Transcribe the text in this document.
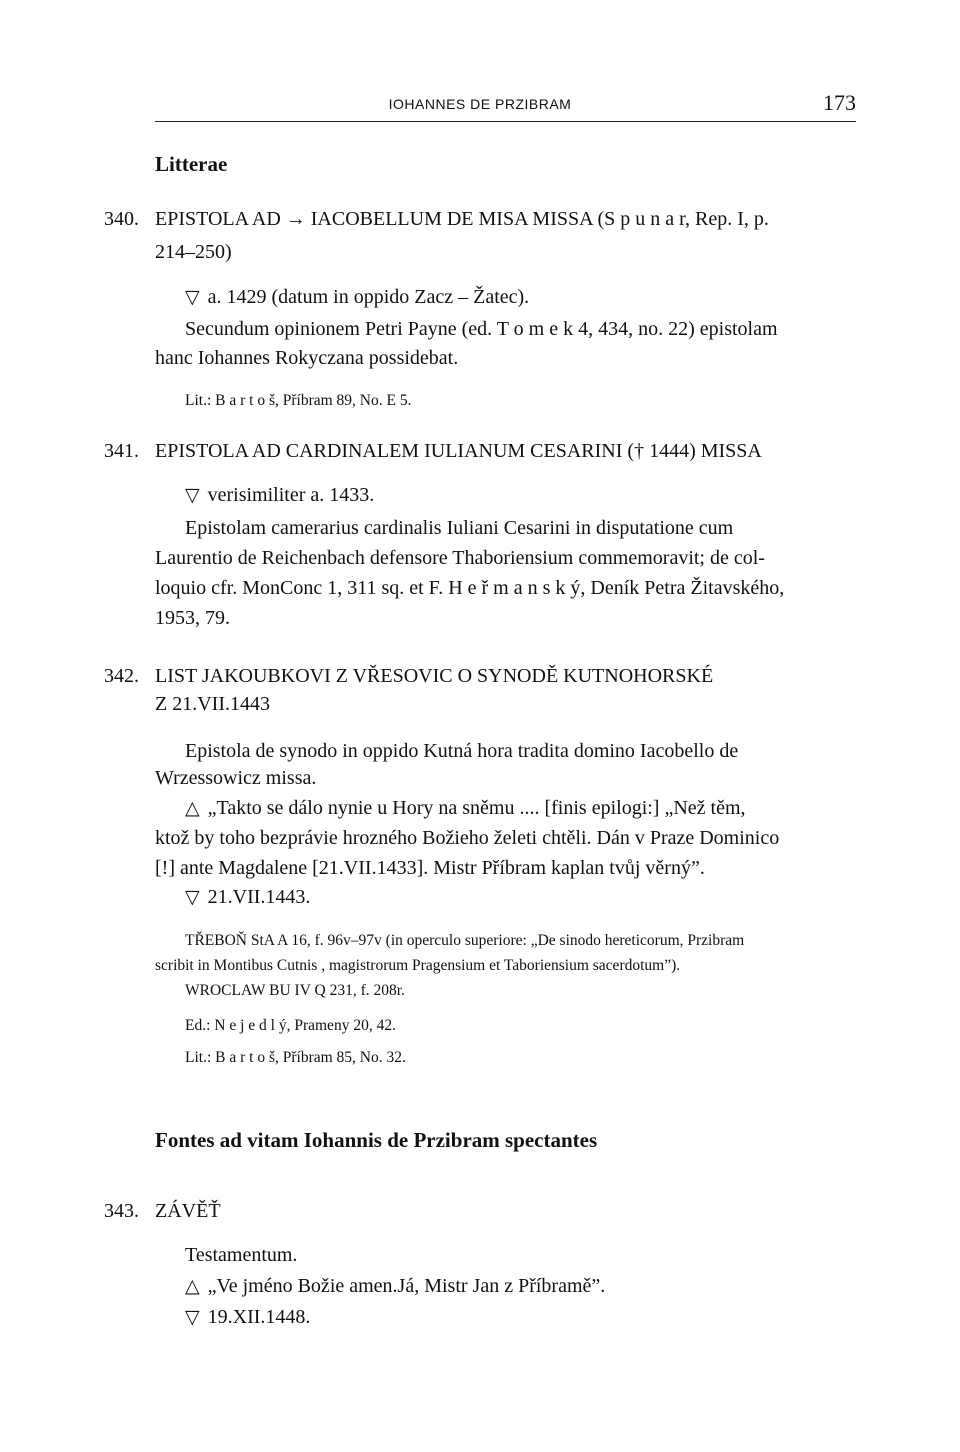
IOHANNES DE PRZIBRAM	173
Litterae
340. EPISTOLA AD → IACOBELLUM DE MISA MISSA (S p u n a r, Rep. I, p.
214–250)
▽ a. 1429 (datum in oppido Zacz – Žatec).
Secundum opinionem Petri Payne (ed. T o m e k 4, 434, no. 22) epistolam
hanc Iohannes Rokyczana possidebat.
Lit.: B a r t o š, Příbram 89, No. E 5.
341. EPISTOLA AD CARDINALEM IULIANUM CESARINI († 1444) MISSA
▽ verisimiliter a. 1433.
Epistolam camerarius cardinalis Iuliani Cesarini in disputatione cum
Laurentio de Reichenbach defensore Thaboriensium commemoravit; de col-
loquio cfr. MonConc 1, 311 sq. et F. H e ř m a n s k ý, Deník Petra Žitavského,
1953, 79.
342. LIST JAKOUBKOVI Z VŘESOVIC O SYNODĚ KUTNOHORSKÉ
Z 21.VII.1443
Epistola de synodo in oppido Kutná hora tradita domino Iacobello de
Wrzessowicz missa.
△ „Takto se dálo nynie u Hory na sněmu .... [finis epilogi:] „Než těm,
ktož by toho bezprávie hrozného Božieho želeti chtěli. Dán v Praze Dominico
[!] ante Magdalene [21.VII.1433]. Mistr Příbram kaplan tvůj věrný”.
▽ 21.VII.1443.
TŘEBOŇ StA A 16, f. 96v–97v (in operculo superiore: „De sinodo hereticorum, Przibram
scribit in Montibus Cutnis , magistrorum Pragensium et Taboriensium sacerdotum”).
WROCLAW BU IV Q 231, f. 208r.
Ed.: N e j e d l ý, Prameny 20, 42.
Lit.: B a r t o š, Příbram 85, No. 32.
Fontes ad vitam Iohannis de Przibram spectantes
343. ZÁVĚŤ
Testamentum.
△ „Ve jméno Božie amen.Já, Mistr Jan z Příbramě”.
▽ 19.XII.1448.
